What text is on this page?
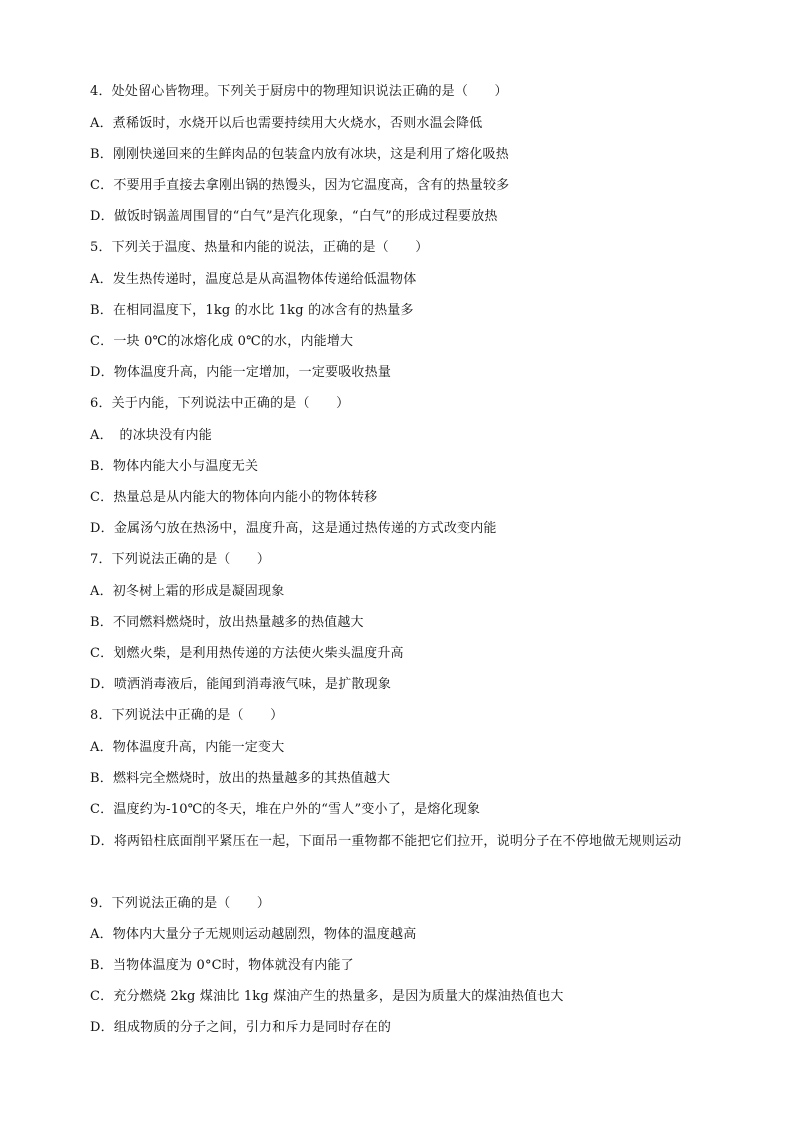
4．处处留心皆物理。下列关于厨房中的物理知识说法正确的是（　　）
A．煮稀饭时，水烧开以后也需要持续用大火烧水，否则水温会降低
B．刚刚快递回来的生鲜肉品的包装盒内放有冰块，这是利用了熔化吸热
C．不要用手直接去拿刚出锅的热馒头，因为它温度高，含有的热量较多
D．做饭时锅盖周围冒的“白气”是汽化现象，“白气”的形成过程要放热
5．下列关于温度、热量和内能的说法，正确的是（　　）
A．发生热传递时，温度总是从高温物体传递给低温物体
B．在相同温度下，1kg 的水比 1kg 的冰含有的热量多
C．一块 0℃的冰熔化成 0℃的水，内能增大
D．物体温度升高，内能一定增加，一定要吸收热量
6．关于内能，下列说法中正确的是（　　）
A．　的冰块没有内能
B．物体内能大小与温度无关
C．热量总是从内能大的物体向内能小的物体转移
D．金属汤勺放在热汤中，温度升高，这是通过热传递的方式改变内能
7．下列说法正确的是（　　）
A．初冬树上霜的形成是凝固现象
B．不同燃料燃烧时，放出热量越多的热值越大
C．划燃火柴，是利用热传递的方法使火柴头温度升高
D．喷洒消毒液后，能闻到消毒液气味，是扩散现象
8．下列说法中正确的是（　　）
A．物体温度升高，内能一定变大
B．燃料完全燃烧时，放出的热量越多的其热值越大
C．温度约为-10℃的冬天，堆在户外的“雪人”变小了，是熔化现象
D．将两铅柱底面削平紧压在一起，下面吊一重物都不能把它们拉开，说明分子在不停地做无规则运动
9．下列说法正确的是（　　）
A．物体内大量分子无规则运动越剧烈，物体的温度越高
B．当物体温度为 0°C时，物体就没有内能了
C．充分燃烧 2kg 煤油比 1kg 煤油产生的热量多，是因为质量大的煤油热值也大
D．组成物质的分子之间，引力和斥力是同时存在的
